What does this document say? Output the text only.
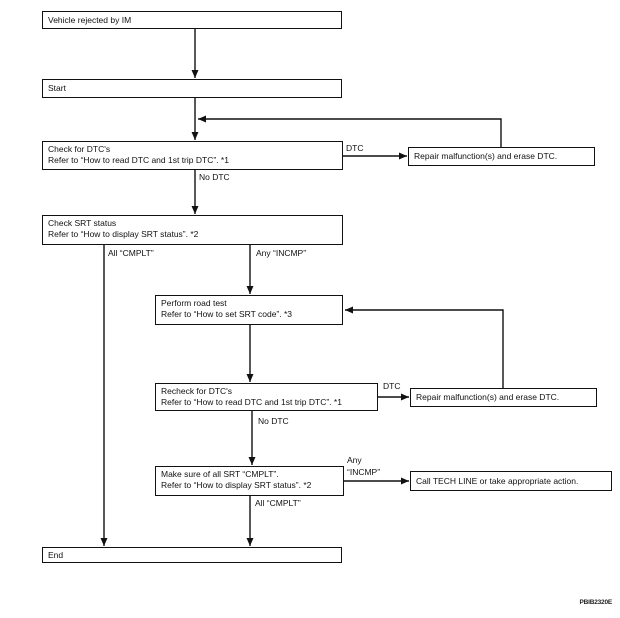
Vehicle rejected by IM
Start
Check for DTC's
Refer to “How to read DTC and 1st trip DTC”. *1	Repair malfunction(s) and erase DTC.
Check SRT status
Refer to “How to display SRT status”. *2
Perform road test
Refer to “How to set SRT code”. *3
Recheck for DTC's
Refer to “How to read DTC and 1st trip DTC”. *1	Repair malfunction(s) and erase DTC.
Make sure of all SRT “CMPLT”.
Refer to “How to display SRT status”. *2	Call TECH LINE or take appropriate action.
End
DTC
No DTC
All “CMPLT”	Any “INCMP”
DTC
No DTC
Any
“INCMP”
All “CMPLT”
PBIB2320E
